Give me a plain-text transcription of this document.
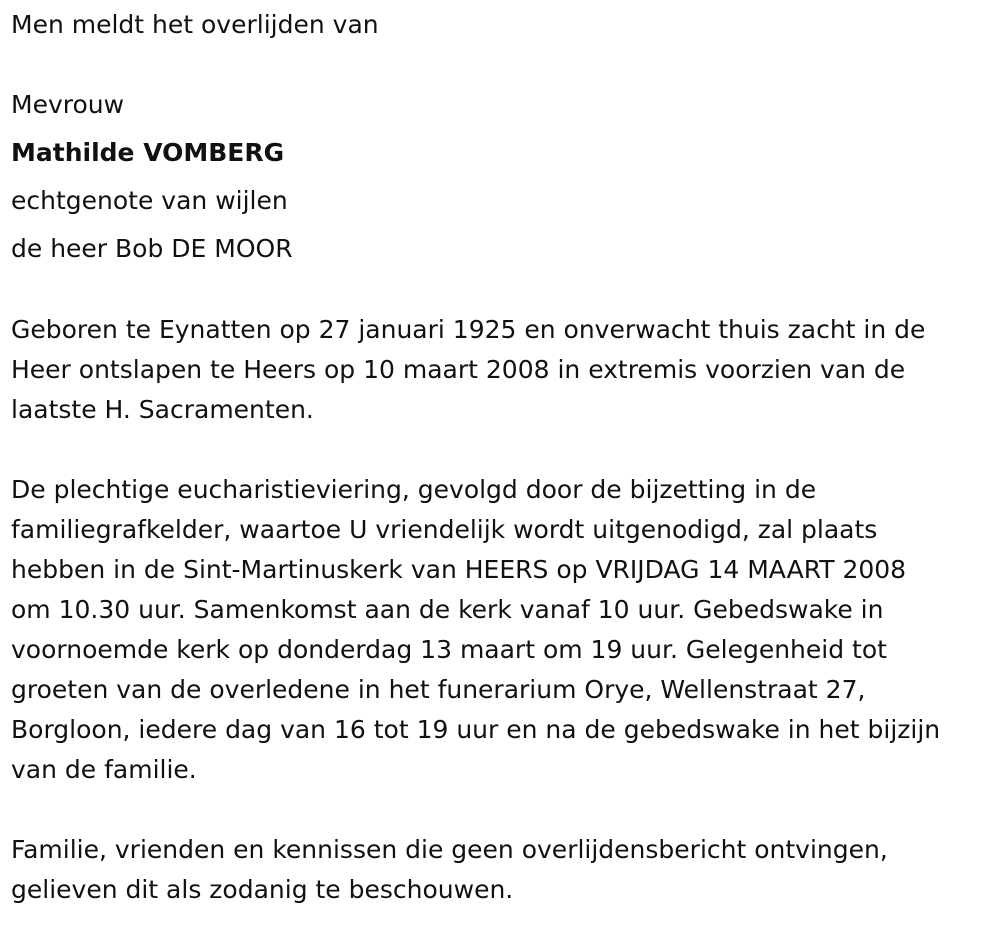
Men meldt het overlijden van
Mevrouw
Mathilde VOMBERG
echtgenote van wijlen
de heer Bob DE MOOR
Geboren te Eynatten op 27 januari 1925 en onverwacht thuis zacht in de
Heer ontslapen te Heers op 10 maart 2008 in extremis voorzien van de
laatste H. Sacramenten.
De plechtige eucharistieviering, gevolgd door de bijzetting in de
familiegrafkelder, waartoe U vriendelijk wordt uitgenodigd, zal plaats
hebben in de Sint-Martinuskerk van HEERS op VRIJDAG 14 MAART 2008
om 10.30 uur. Samenkomst aan de kerk vanaf 10 uur. Gebedswake in
voornoemde kerk op donderdag 13 maart om 19 uur. Gelegenheid tot
groeten van de overledene in het funerarium Orye, Wellenstraat 27,
Borgloon, iedere dag van 16 tot 19 uur en na de gebedswake in het bijzijn
van de familie.
Familie, vrienden en kennissen die geen overlijdensbericht ontvingen,
gelieven dit als zodanig te beschouwen.
